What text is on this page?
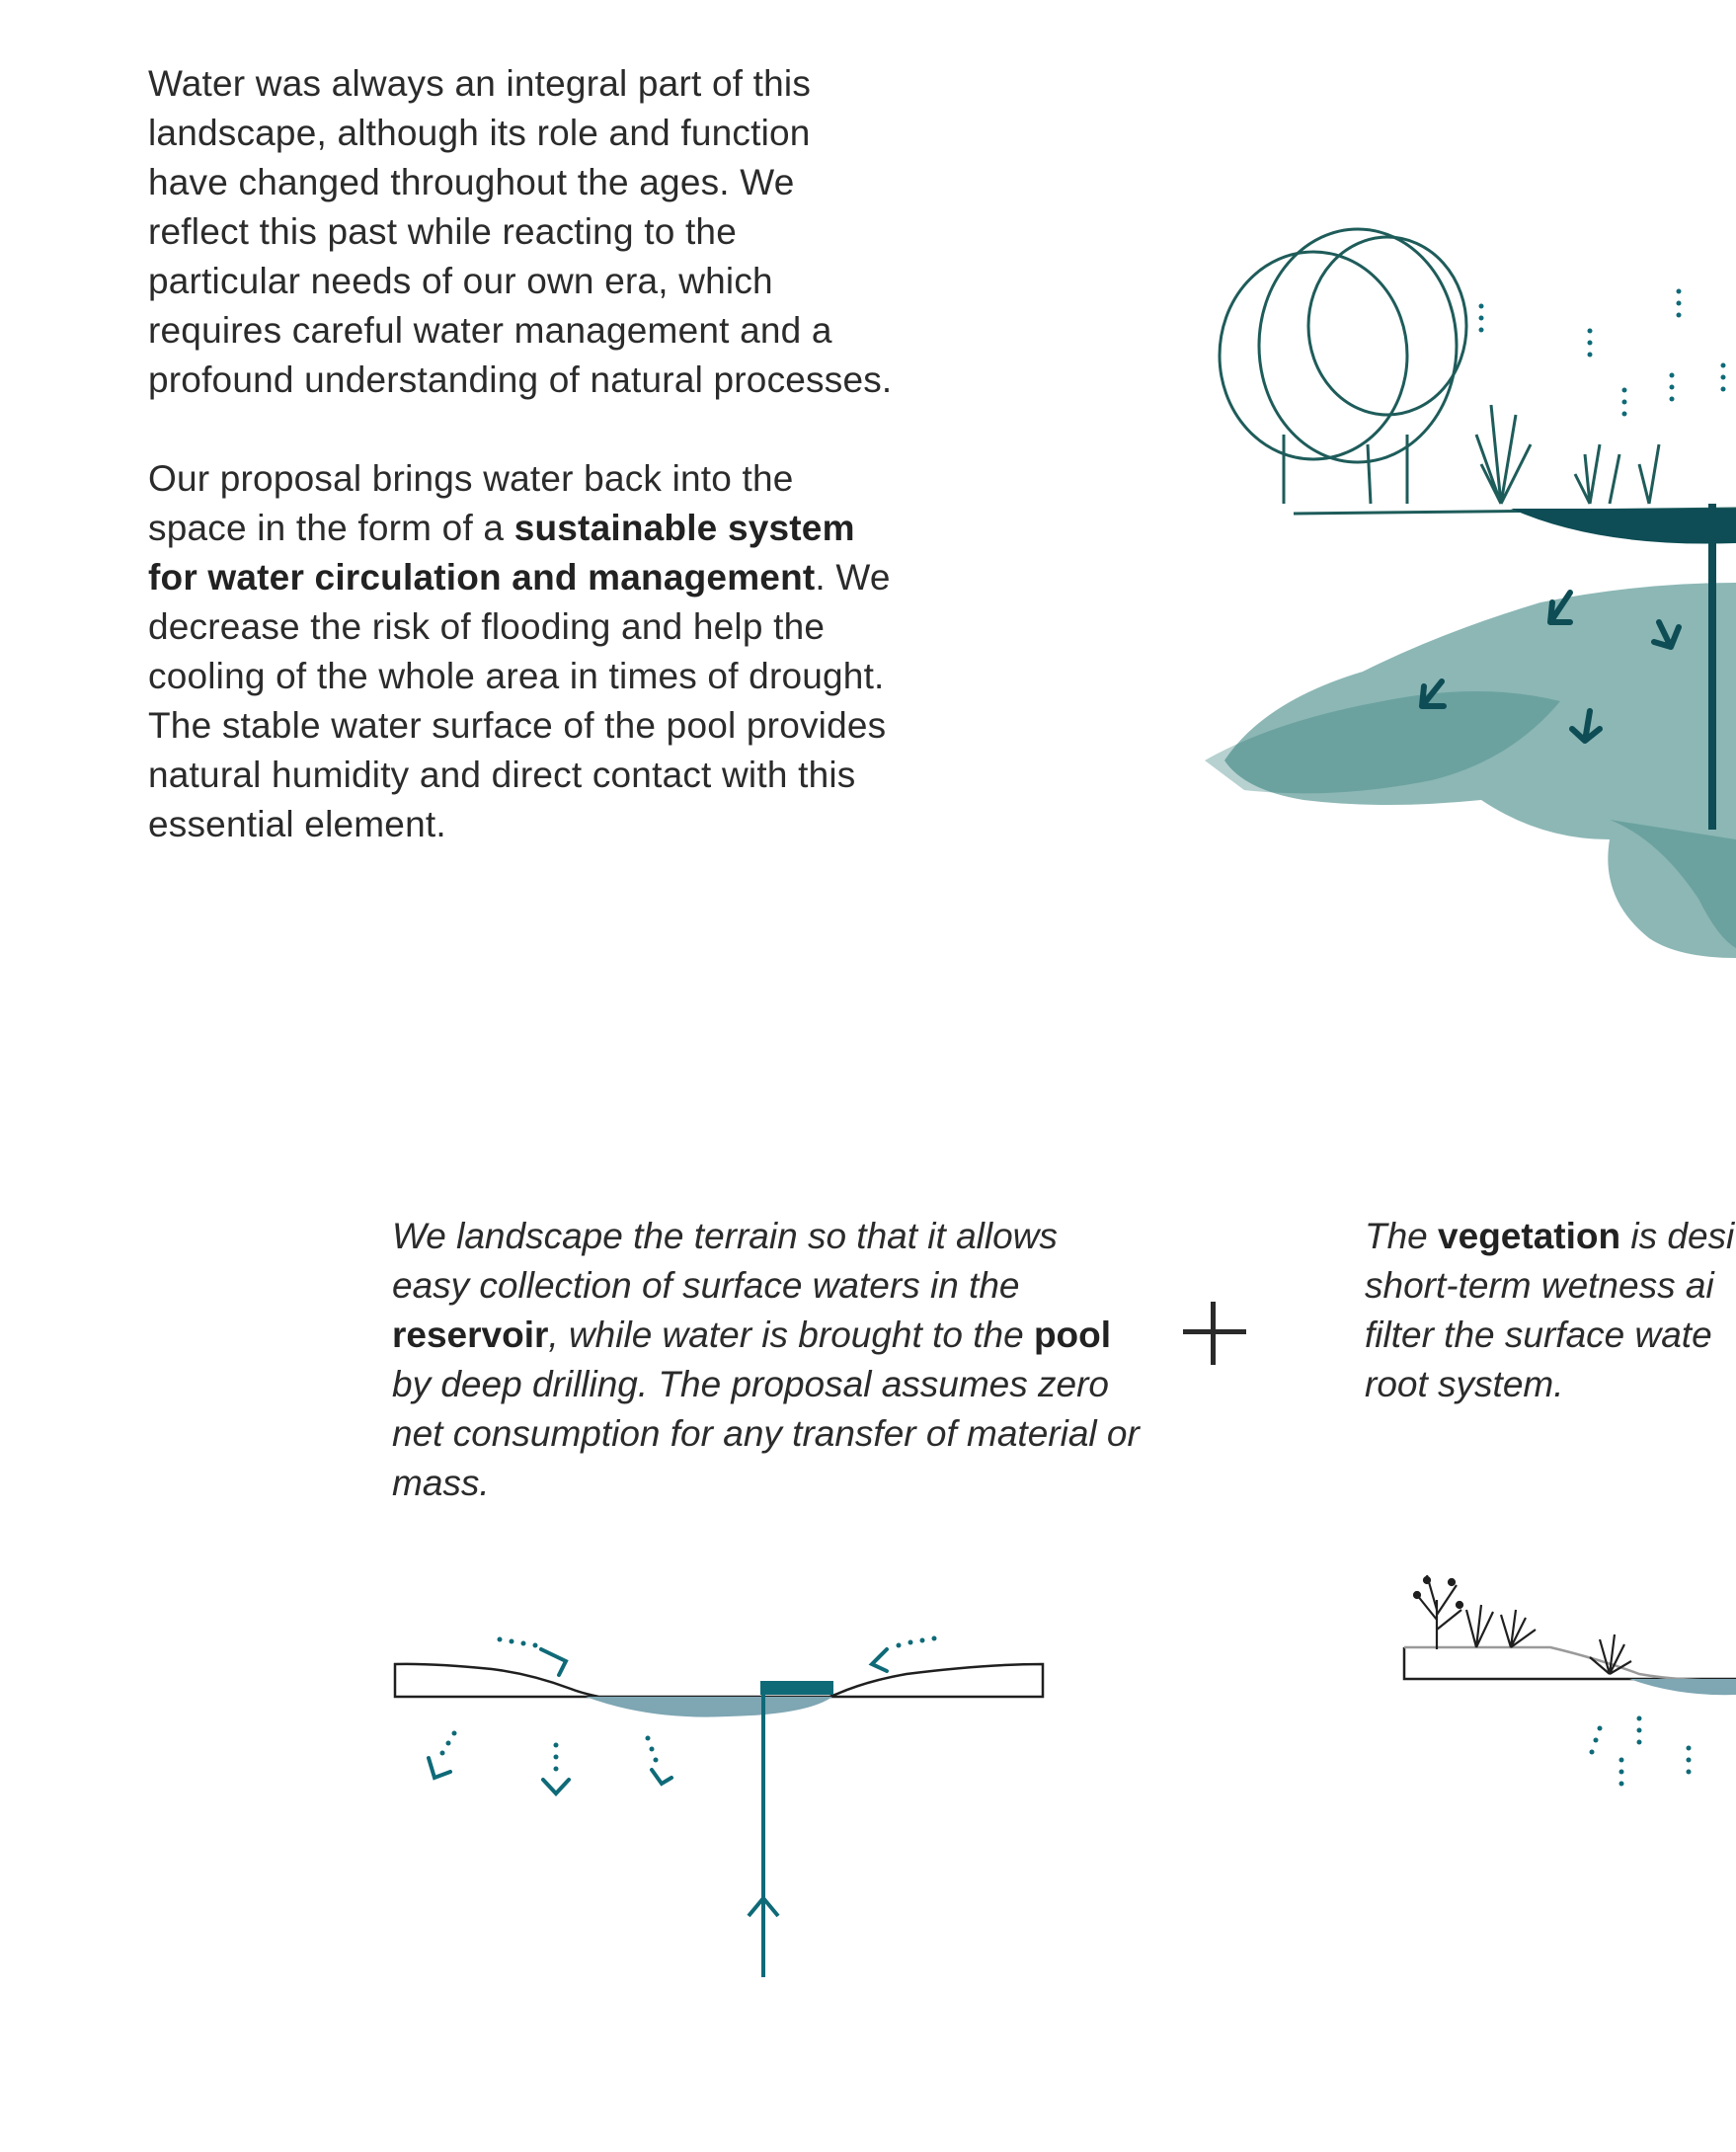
Water was always an integral part of this landscape, although its role and function have changed throughout the ages. We reflect this past while reacting to the particular needs of our own era, which requires careful water management and a profound understanding of natural processes.

Our proposal brings water back into the space in the form of a sustainable system for water circulation and management. We decrease the risk of flooding and help the cooling of the whole area in times of drought. The stable water surface of the pool provides natural humidity and direct contact with this essential element.

We landscape the terrain so that it allows easy collection of surface waters in the reservoir, while water is brought to the pool by deep drilling. The proposal assumes zero net consumption for any transfer of material or mass.
The vegetation is desi
short-term wetness ai
filter the surface wate
root system.
